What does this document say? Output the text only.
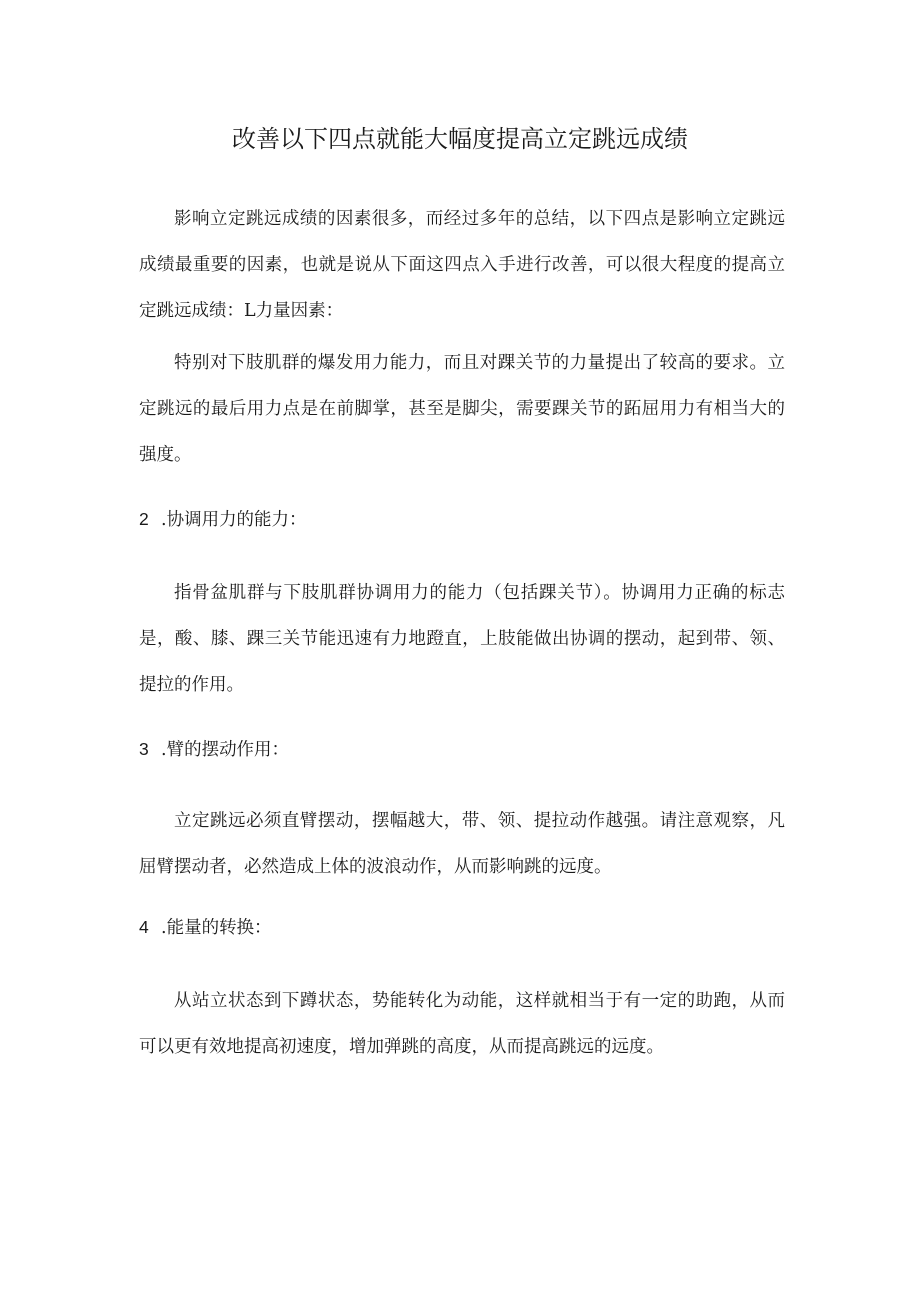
改善以下四点就能大幅度提高立定跳远成绩

影响立定跳远成绩的因素很多，而经过多年的总结，以下四点是影响立定跳远成绩最重要的因素，也就是说从下面这四点入手进行改善，可以很大程度的提高立定跳远成绩：L力量因素：

特别对下肢肌群的爆发用力能力，而且对踝关节的力量提出了较高的要求。立定跳远的最后用力点是在前脚掌，甚至是脚尖，需要踝关节的跖屈用力有相当大的强度。

2 .协调用力的能力：

指骨盆肌群与下肢肌群协调用力的能力（包括踝关节）。协调用力正确的标志是，酸、膝、踝三关节能迅速有力地蹬直，上肢能做出协调的摆动，起到带、领、提拉的作用。

3 .臂的摆动作用：

立定跳远必须直臂摆动，摆幅越大，带、领、提拉动作越强。请注意观察，凡屈臂摆动者，必然造成上体的波浪动作，从而影响跳的远度。

4 .能量的转换：

从站立状态到下蹲状态，势能转化为动能，这样就相当于有一定的助跑，从而可以更有效地提高初速度，增加弹跳的高度，从而提高跳远的远度。
